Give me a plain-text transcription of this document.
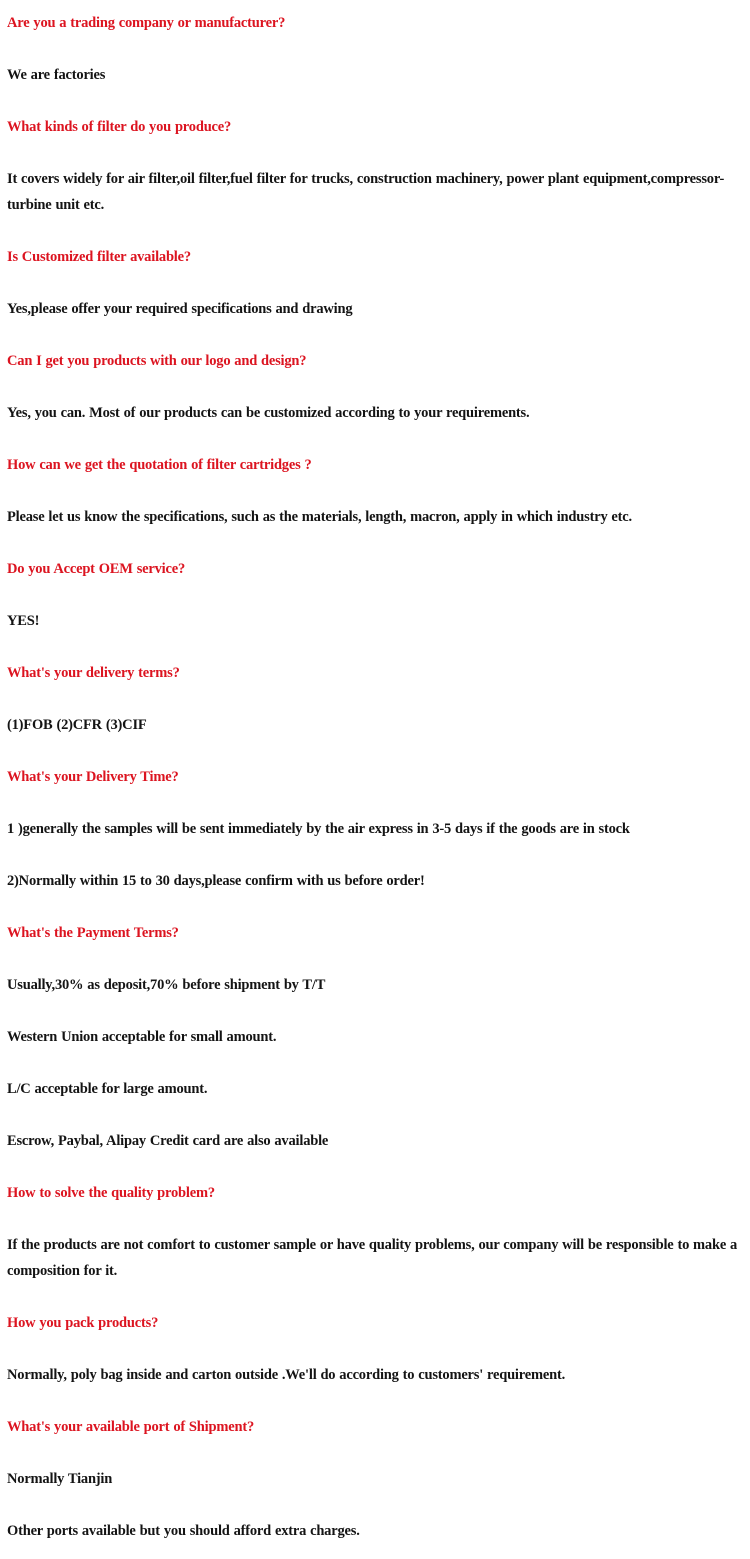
Are you a trading company or manufacturer?

We are factories

What kinds of filter do you produce?

It covers widely for air filter,oil filter,fuel filter for trucks, construction machinery, power plant equipment,compressor-turbine unit etc.

Is Customized filter available?

Yes,please offer your required specifications and drawing

Can I get you products with our logo and design?

Yes, you can. Most of our products can be customized according to your requirements.

How can we get the quotation of filter cartridges ?

Please let us know the specifications, such as the materials, length, macron, apply in which industry etc.

Do you Accept OEM service?

YES!

What's your delivery terms?

(1)FOB (2)CFR (3)CIF

What's your Delivery Time?

1 )generally the samples will be sent immediately by the air express in 3-5 days if the goods are in stock

2)Normally within 15 to 30 days,please confirm with us before order!

What's the Payment Terms?

Usually,30% as deposit,70% before shipment by T/T

Western Union acceptable for small amount.

L/C acceptable for large amount.

Escrow, Paybal, Alipay Credit card are also available

How to solve the quality problem?

If the products are not comfort to customer sample or have quality problems, our company will be responsible to make a composition for it.

How you pack products?

Normally, poly bag inside and carton outside .We'll do according to customers' requirement.

What's your available port of Shipment?

Normally Tianjin

Other ports available but you should afford extra charges.
